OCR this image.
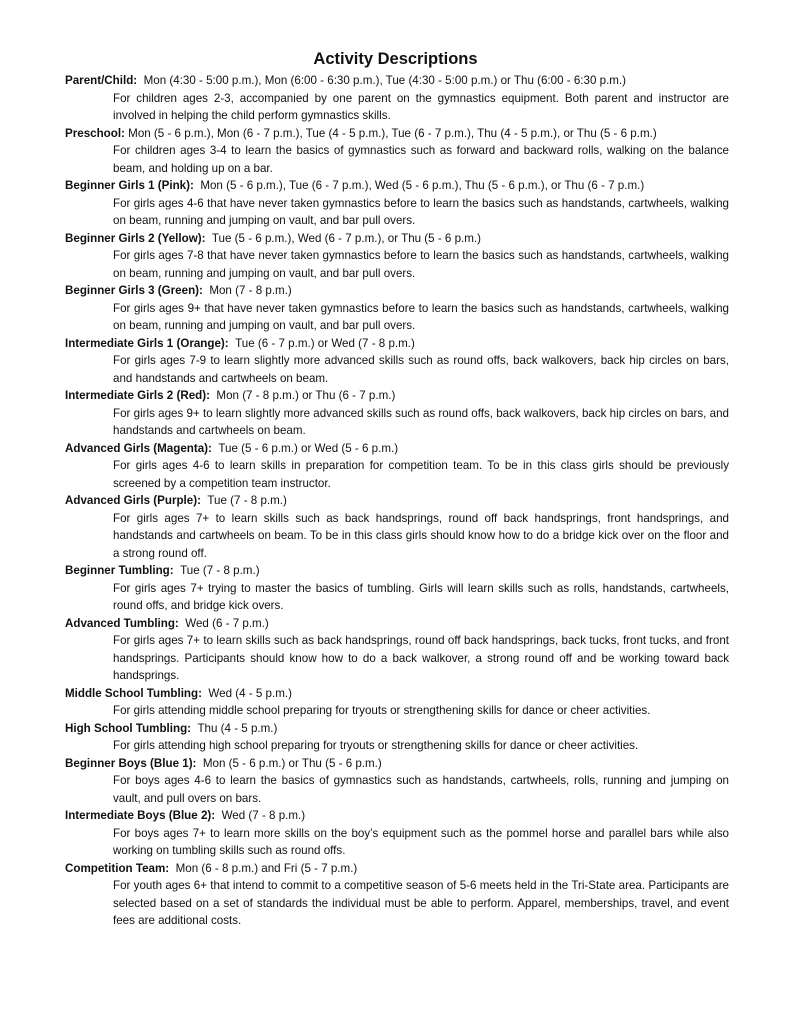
Activity Descriptions
Parent/Child: Mon (4:30 - 5:00 p.m.), Mon (6:00 - 6:30 p.m.), Tue (4:30 - 5:00 p.m.) or Thu (6:00 - 6:30 p.m.)
For children ages 2-3, accompanied by one parent on the gymnastics equipment. Both parent and instructor are involved in helping the child perform gymnastics skills.
Preschool: Mon (5 - 6 p.m.), Mon (6 - 7 p.m.), Tue (4 - 5 p.m.), Tue (6 - 7 p.m.), Thu (4 - 5 p.m.), or Thu (5 - 6 p.m.)
For children ages 3-4 to learn the basics of gymnastics such as forward and backward rolls, walking on the balance beam, and holding up on a bar.
Beginner Girls 1 (Pink): Mon (5 - 6 p.m.), Tue (6 - 7 p.m.), Wed (5 - 6 p.m.), Thu (5 - 6 p.m.), or Thu (6 - 7 p.m.)
For girls ages 4-6 that have never taken gymnastics before to learn the basics such as handstands, cartwheels, walking on beam, running and jumping on vault, and bar pull overs.
Beginner Girls 2 (Yellow): Tue (5 - 6 p.m.), Wed (6 - 7 p.m.), or Thu (5 - 6 p.m.)
For girls ages 7-8 that have never taken gymnastics before to learn the basics such as handstands, cartwheels, walking on beam, running and jumping on vault, and bar pull overs.
Beginner Girls 3 (Green): Mon (7 - 8 p.m.)
For girls ages 9+ that have never taken gymnastics before to learn the basics such as handstands, cartwheels, walking on beam, running and jumping on vault, and bar pull overs.
Intermediate Girls 1 (Orange): Tue (6 - 7 p.m.) or Wed (7 - 8 p.m.)
For girls ages 7-9 to learn slightly more advanced skills such as round offs, back walkovers, back hip circles on bars, and handstands and cartwheels on beam.
Intermediate Girls 2 (Red): Mon (7 - 8 p.m.) or Thu (6 - 7 p.m.)
For girls ages 9+ to learn slightly more advanced skills such as round offs, back walkovers, back hip circles on bars, and handstands and cartwheels on beam.
Advanced Girls (Magenta): Tue (5 - 6 p.m.) or Wed (5 - 6 p.m.)
For girls ages 4-6 to learn skills in preparation for competition team. To be in this class girls should be previously screened by a competition team instructor.
Advanced Girls (Purple): Tue (7 - 8 p.m.)
For girls ages 7+ to learn skills such as back handsprings, round off back handsprings, front handsprings, and handstands and cartwheels on beam. To be in this class girls should know how to do a bridge kick over on the floor and a strong round off.
Beginner Tumbling: Tue (7 - 8 p.m.)
For girls ages 7+ trying to master the basics of tumbling. Girls will learn skills such as rolls, handstands, cartwheels, round offs, and bridge kick overs.
Advanced Tumbling: Wed (6 - 7 p.m.)
For girls ages 7+ to learn skills such as back handsprings, round off back handsprings, back tucks, front tucks, and front handsprings. Participants should know how to do a back walkover, a strong round off and be working toward back handsprings.
Middle School Tumbling: Wed (4 - 5 p.m.)
For girls attending middle school preparing for tryouts or strengthening skills for dance or cheer activities.
High School Tumbling: Thu (4 - 5 p.m.)
For girls attending high school preparing for tryouts or strengthening skills for dance or cheer activities.
Beginner Boys (Blue 1): Mon (5 - 6 p.m.) or Thu (5 - 6 p.m.)
For boys ages 4-6 to learn the basics of gymnastics such as handstands, cartwheels, rolls, running and jumping on vault, and pull overs on bars.
Intermediate Boys (Blue 2): Wed (7 - 8 p.m.)
For boys ages 7+ to learn more skills on the boy’s equipment such as the pommel horse and parallel bars while also working on tumbling skills such as round offs.
Competition Team: Mon (6 - 8 p.m.) and Fri (5 - 7 p.m.)
For youth ages 6+ that intend to commit to a competitive season of 5-6 meets held in the Tri-State area. Participants are selected based on a set of standards the individual must be able to perform. Apparel, memberships, travel, and event fees are additional costs.
